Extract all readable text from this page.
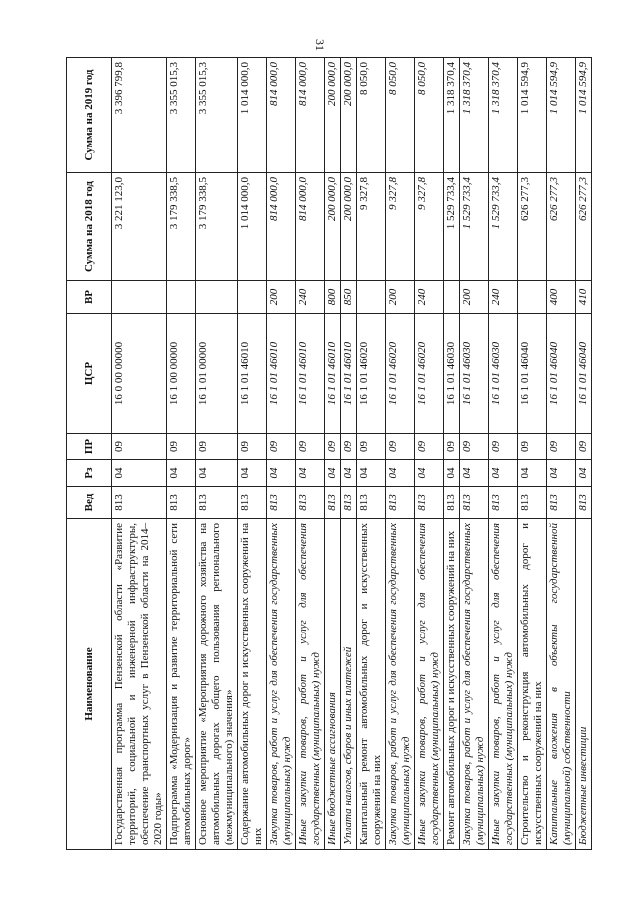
31
Наименование	Вед	Рз	ПР	ЦСР	ВР	Сумма на 2018 год	Сумма на 2019 год
Государственная программа Пензенской области «Развитие территорий, социальной и инженерной инфраструктуры, обеспечение транспортных услуг в Пензенской области на 2014–2020 годы»	813	04	09	16 0 00 00000		3 221 123,0	3 396 799,8
Подпрограмма «Модернизация и развитие территориальной сети автомобильных дорог»	813	04	09	16 1 00 00000		3 179 338,5	3 355 015,3
Основное мероприятие «Мероприятия дорожного хозяйства на автомобильных дорогах общего пользования регионального (межмуниципального) значения»	813	04	09	16 1 01 00000		3 179 338,5	3 355 015,3
Содержание автомобильных дорог и искусственных сооружений на них	813	04	09	16 1 01 46010		1 014 000,0	1 014 000,0
Закупка товаров, работ и услуг для обеспечения государственных (муниципальных) нужд	813	04	09	16 1 01 46010	200	814 000,0	814 000,0
Иные закупки товаров, работ и услуг для обеспечения государственных (муниципальных) нужд	813	04	09	16 1 01 46010	240	814 000,0	814 000,0
Иные бюджетные ассигнования	813	04	09	16 1 01 46010	800	200 000,0	200 000,0
Уплата налогов, сборов и иных платежей	813	04	09	16 1 01 46010	850	200 000,0	200 000,0
Капитальный ремонт автомобильных дорог и искусственных сооружений на них	813	04	09	16 1 01 46020		9 327,8	8 050,0
Закупка товаров, работ и услуг для обеспечения государственных (муниципальных) нужд	813	04	09	16 1 01 46020	200	9 327,8	8 050,0
Иные закупки товаров, работ и услуг для обеспечения государственных (муниципальных) нужд	813	04	09	16 1 01 46020	240	9 327,8	8 050,0
Ремонт автомобильных дорог и искусственных сооружений на них	813	04	09	16 1 01 46030		1 529 733,4	1 318 370,4
Закупка товаров, работ и услуг для обеспечения государственных (муниципальных) нужд	813	04	09	16 1 01 46030	200	1 529 733,4	1 318 370,4
Иные закупки товаров, работ и услуг для обеспечения государственных (муниципальных) нужд	813	04	09	16 1 01 46030	240	1 529 733,4	1 318 370,4
Строительство и реконструкция автомобильных дорог и искусственных сооружений на них	813	04	09	16 1 01 46040		626 277,3	1 014 594,9
Капитальные вложения в объекты государственной (муниципальной) собственности	813	04	09	16 1 01 46040	400	626 277,3	1 014 594,9
Бюджетные инвестиции	813	04	09	16 1 01 46040	410	626 277,3	1 014 594,9
